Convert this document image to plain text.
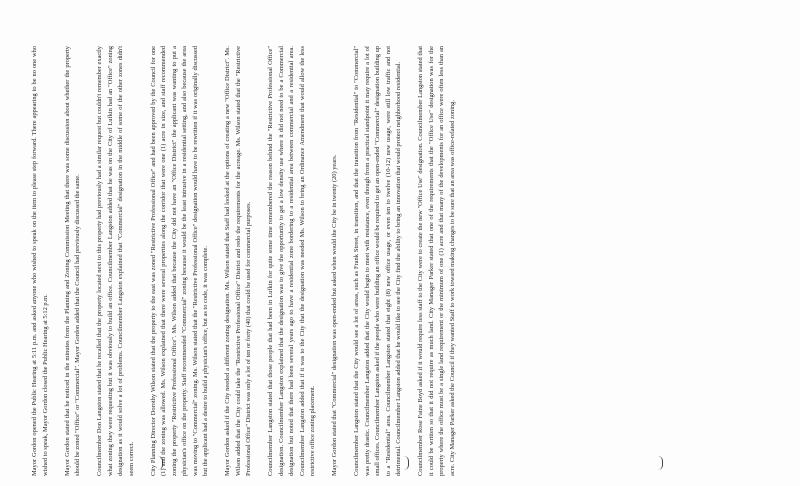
Mayor Gordon opened the Public Hearing at 5:11 p.m. and asked anyone who wished to speak on the item to please step forward. There appearing to be no one who wished to speak, Mayor Gordon closed the Public Hearing at 5:12 p.m.	Mayor Gordon stated that he noticed in the minutes from the Planning and Zoning Commission Meeting that there was some discussion about whether the property should be zoned "Office" or "Commercial". Mayor Gordon added that the Council had previously discussed the same.	Councilmember Don Langston stated that he recalled that the property located next to this property had previously had a similar request but couldn't remember exactly what zoning they were requesting but it was obviously to build an office. Councilmember Langston added that he was on the City of Lufkin had an "Office" zoning designation as it would solve a lot of problems. Councilmember Langston explained that "Commercial" designation in the middle of some of the other zones didn't seem correct.	City Planning Director Dorothy Wilson stated that the property to the east was zoned "Restrictive Professional Office" and had been approved by the Council for one (1) and the zoning was allowed. Ms. Wilson explained that there were several properties along the corridor that were one (1) acre in size, and staff recommended zoning the property "Restrictive Professional Office". Ms. Wilson added that because the City did not have an "Office District" the applicant was wanting to put a physician's office on the property. Staff recommended "Commercial" zoning because it would be the least intrusive in a residential setting, and also because the area was moving to "Commercial" zoning. Ms. Wilson stated that the "Restrictive Professional Office" designation would have to be rewritten if it was originally discussed but the applicant had a desire to build a physician's office, but as to code, it was complete.	Mayor Gordon asked if the City needed a different zoning designation. Ms. Wilson stated that Staff had looked at the options of creating a new "Office District". Ms. Wilson added that the City could take the "Restrictive Professional Office" District and redo the requirements for the acreage. Ms. Wilson stated that the "Restrictive Professional Office" District was only a lot of ten or forty (40) that could be used for commercial purposes.	Councilmember Langston stated that those people that had been in Lufkin for quite some time remembered the reason behind the "Restrictive Professional Office" designation. Councilmember Langston explained that the designation was to give the opportunity to get a low density use where it did not need to be a Commercial designation but noted that there had been several years ago to have a residential zone bordering to a residential area between commercial and a residential area. Councilmember Langston added that if it was to the City that the designation was needed Ms. Wilson to bring an Ordinance Amendment that would allow the less restrictive office zoning placement.	Mayor Gordon stated that "Commercial" designation was open-ended but asked when would the City be in twenty (20) years.	Councilmember Langston stated that the City would see a lot of areas, such as Frank Street, in transition, and that the transition from "Residential" to "Commercial" was pretty drastic. Councilmember Langston added that the City would begin to meet with resistance, even though from a practical standpoint it may require a lot of small offices. Councilmember Langston asked if the people who were building an office would be required to get an open-ended "Commercial" designation building up to a "Residential" area. Councilmember Langston stated that eight (8) new office usage, or even ten to twelve (10-12) new usage, were still low traffic and not detrimental. Councilmember Langston added that he would like to see the City find the ability to bring an innovation that would protect neighborhood residential.	Councilmember Rose Faine Boyd asked if it would require less staff to the City were to create the new "Office Use" designation. Councilmember Langston stated that it could be written so that it did not require as much land. City Manager Parker stated that one of the requirements that the "Office Use" designation was for the property where the office must be a single land requirement or the minimum of one (1) acre and that many of the developments for an office were often less than an acre. City Manager Parker asked the Council if they wanted Staff to work toward making changes to be sure that an area was office-related zoning.
